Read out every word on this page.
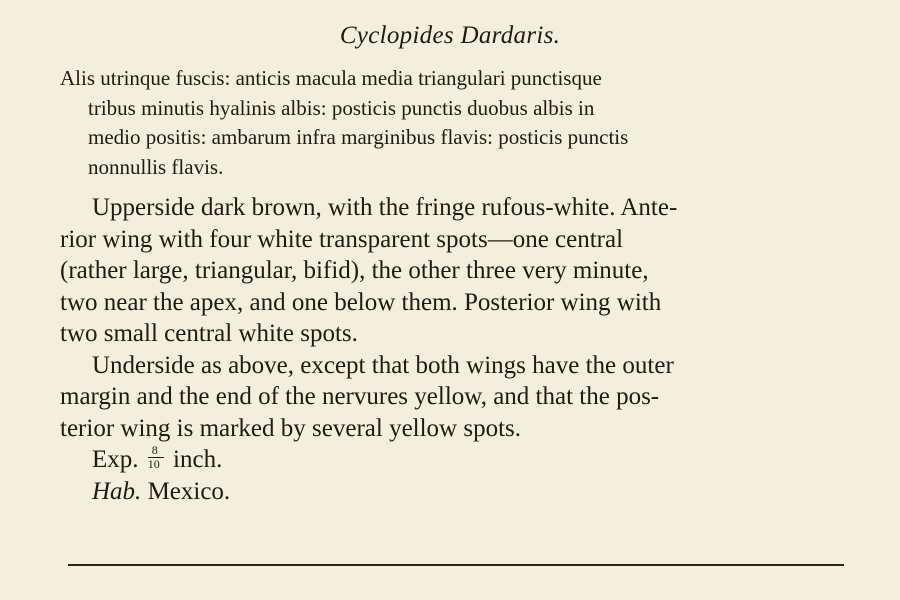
Cyclopides Dardaris.

Alis utrinque fuscis: anticis macula media triangulari punctisque
tribus minutis hyalinis albis: posticis punctis duobus albis in
medio positis: ambarum infra marginibus flavis: posticis punctis
nonnullis flavis.

Upperside dark brown, with the fringe rufous-white. Ante-
rior wing with four white transparent spots—one central
(rather large, triangular, bifid), the other three very minute,
two near the apex, and one below them. Posterior wing with
two small central white spots.
Underside as above, except that both wings have the outer
margin and the end of the nervures yellow, and that the pos-
terior wing is marked by several yellow spots.
Exp. $\frac{8}{10}$ inch.
Hab. Mexico.
